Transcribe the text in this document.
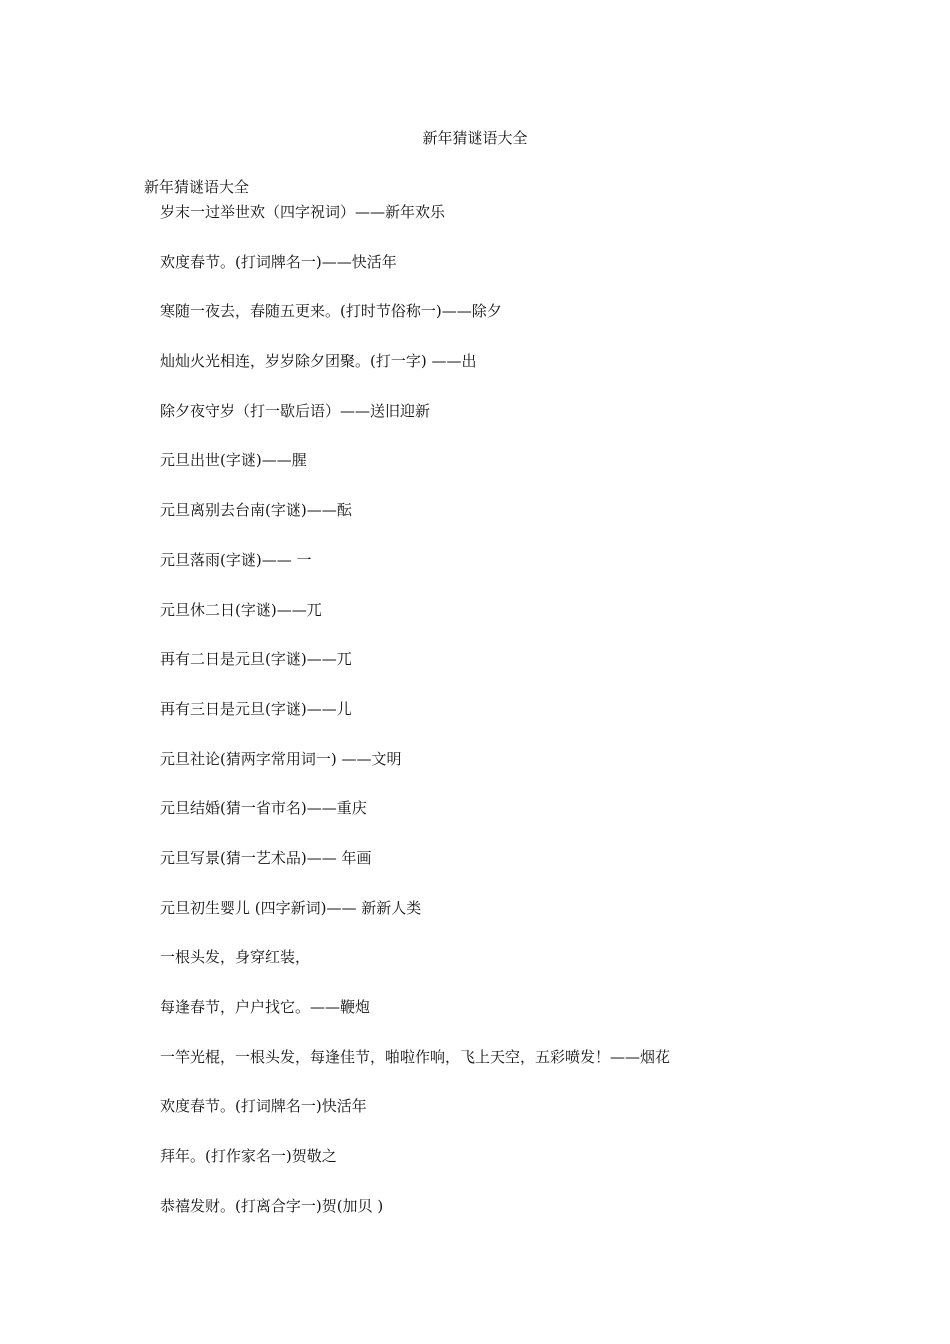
新年猜谜语大全
新年猜谜语大全
岁末一过举世欢（四字祝词）——新年欢乐
欢度春节。(打词牌名一)——快活年
寒随一夜去，春随五更来。(打时节俗称一)——除夕
灿灿火光相连，岁岁除夕团聚。(打一字) ——出
除夕夜守岁（打一歇后语）——送旧迎新
元旦出世(字谜)——腥
元旦离别去台南(字谜)——酝
元旦落雨(字谜)—— 一
元旦休二日(字谜)——兀
再有二日是元旦(字谜)——兀
再有三日是元旦(字谜)——儿
元旦社论(猜两字常用词一) ——文明
元旦结婚(猜一省市名)——重庆
元旦写景(猜一艺术品)—— 年画
元旦初生婴儿 (四字新词)—— 新新人类
一根头发，身穿红装，
每逢春节，户户找它。——鞭炮
一竿光棍，一根头发，每逢佳节，啪啦作响，飞上天空，五彩喷发！——烟花
欢度春节。(打词牌名一)快活年
拜年。(打作家名一)贺敬之
恭禧发财。(打离合字一)贺(加贝 )
